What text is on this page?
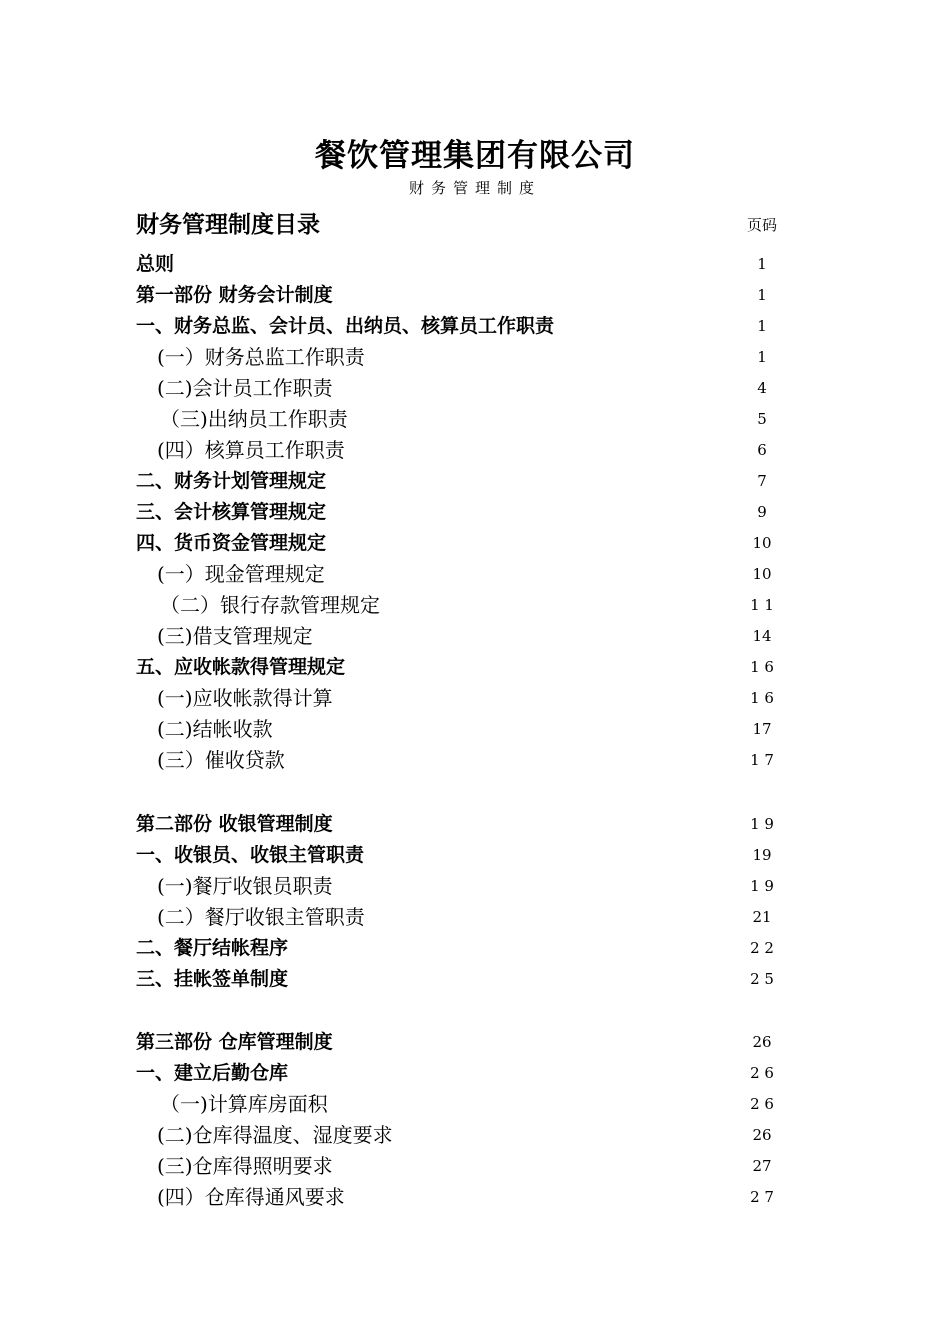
餐饮管理集团有限公司
财务管理制度
财务管理制度目录	页码
总则	1
第一部份 财务会计制度	1
一、财务总监、会计员、出纳员、核算员工作职责	1
(一）财务总监工作职责	1
(二)会计员工作职责	4
（三)出纳员工作职责	5
(四）核算员工作职责	6
二、财务计划管理规定	7
三、会计核算管理规定	9
四、货币资金管理规定	10
(一）现金管理规定	10
（二）银行存款管理规定	1 1
(三)借支管理规定	14
五、应收帐款得管理规定	1 6
(一)应收帐款得计算	1 6
(二)结帐收款	17
(三）催收贷款	1 7
第二部份 收银管理制度	1 9
一、收银员、收银主管职责	19
(一)餐厅收银员职责	1 9
(二）餐厅收银主管职责	21
二、餐厅结帐程序	2 2
三、挂帐签单制度	2 5
第三部份 仓库管理制度	26
一、建立后勤仓库	2 6
（一)计算库房面积	2 6
(二)仓库得温度、湿度要求	26
(三)仓库得照明要求	27
(四）仓库得通风要求	2 7
